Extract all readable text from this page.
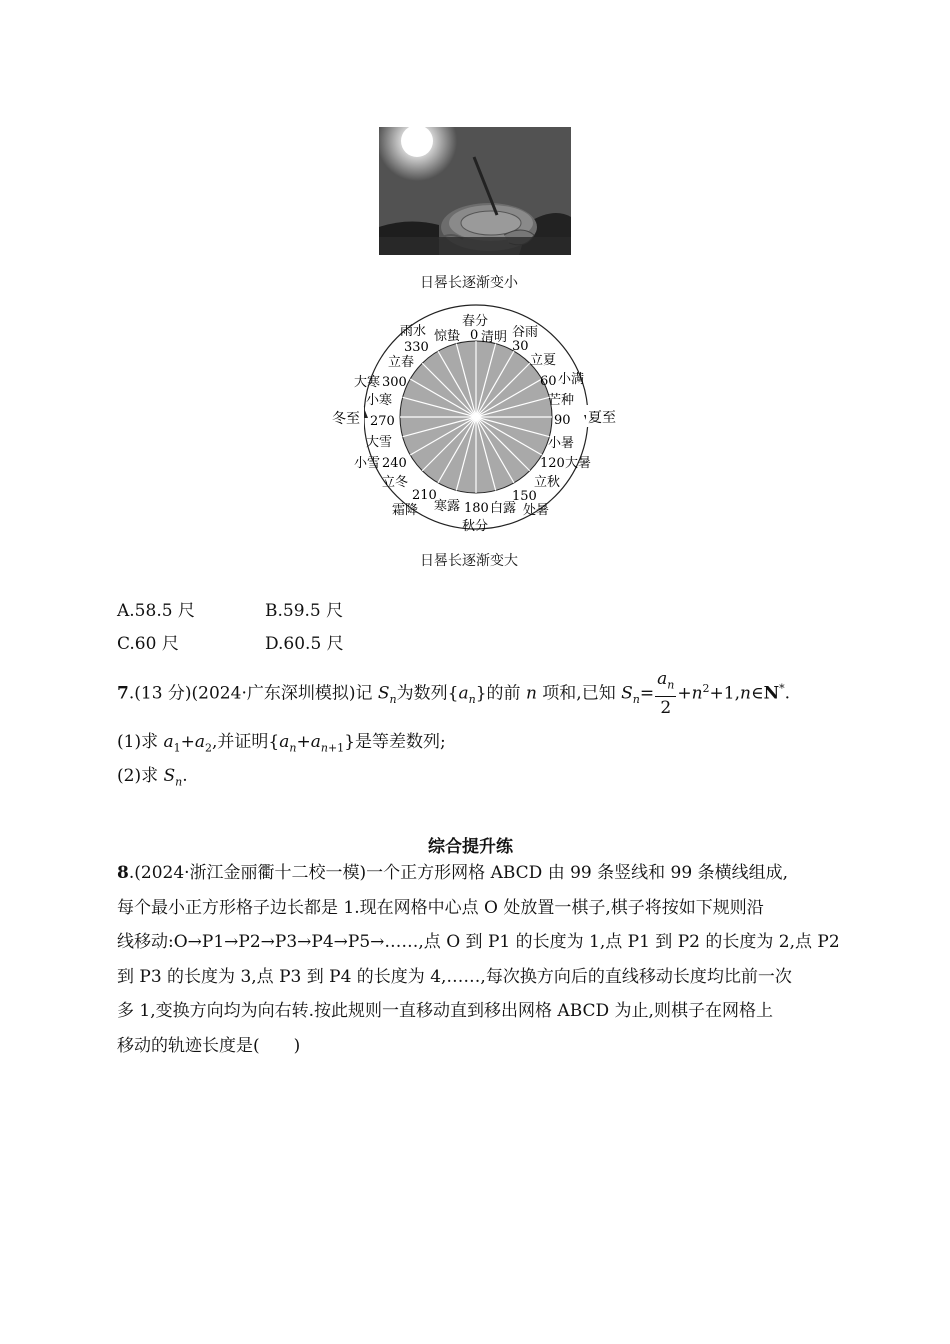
日晷长逐渐变小
日晷长逐渐变大
冬至	夏至
春分
0 清明 谷雨
30
立夏
60 小满
芒种
90
小暑
120 大暑
立秋
150
处暑
180 白露
秋分
寒露
210
霜降
立冬
小雪 240
大雪
小寒
270
大寒 300
立春
雨水
330
惊蛰
A.58.5 尺	B.59.5 尺
C.60 尺	D.60.5 尺
7.(13 分)(2024·广东深圳模拟)记 $S_n$为数列$\{a_n\}$的前 n 项和,已知 $S_n= \frac{a_n}{2}$ $+n^2+1,n\in N^*$.
(1)求 $a_1+a_2$,并证明$\{a_n+a_{n+1}\}$是等差数列;
(2)求 $S_n$.
综合提升练
8.(2024·浙江金丽衢十二校一模)一个正方形网格 ABCD 由 99 条竖线和 99 条横线组成,
每个最小正方形格子边长都是 1.现在网格中心点 O 处放置一棋子,棋子将按如下规则沿
线移动:O→P1→P2→P3→P4→P5→……,点 O 到 P1 的长度为 1,点 P1 到 P2 的长度为 2,点 P2
到 P3 的长度为 3,点 P3 到 P4 的长度为 4,……,每次换方向后的直线移动长度均比前一次
多 1,变换方向均为向右转.按此规则一直移动直到移出网格 ABCD 为止,则棋子在网格上
移动的轨迹长度是(　　)
